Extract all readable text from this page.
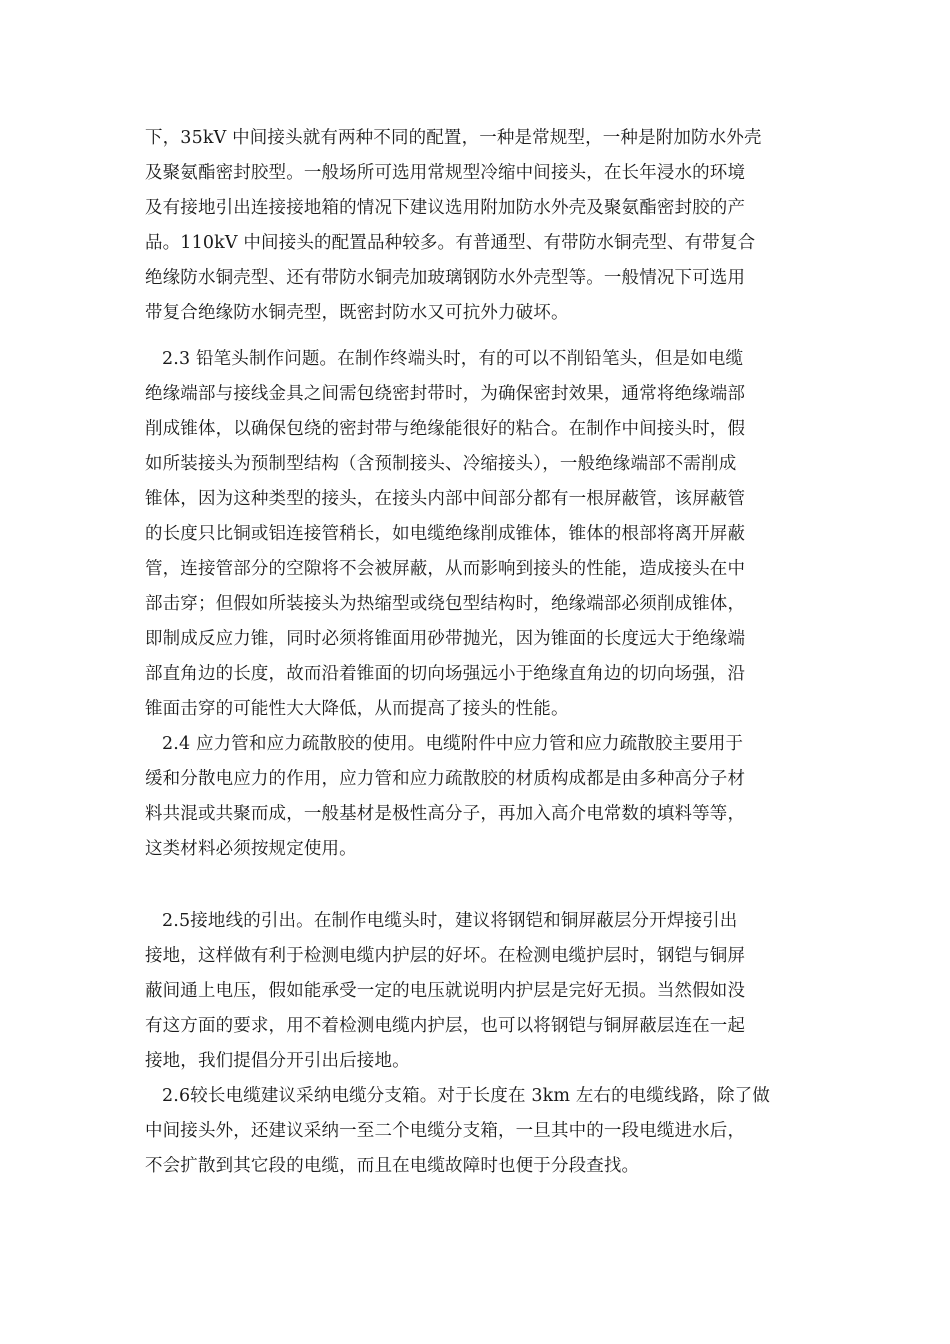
下，35kV 中间接头就有两种不同的配置，一种是常规型，一种是附加防水外壳
及聚氨酯密封胶型。一般场所可选用常规型冷缩中间接头，在长年浸水的环境
及有接地引出连接接地箱的情况下建议选用附加防水外壳及聚氨酯密封胶的产
品。110kV 中间接头的配置品种较多。有普通型、有带防水铜壳型、有带复合
绝缘防水铜壳型、还有带防水铜壳加玻璃钢防水外壳型等。一般情况下可选用
带复合绝缘防水铜壳型，既密封防水又可抗外力破坏。
2.3 铅笔头制作问题。在制作终端头时，有的可以不削铅笔头，但是如电缆
绝缘端部与接线金具之间需包绕密封带时，为确保密封效果，通常将绝缘端部
削成锥体，以确保包绕的密封带与绝缘能很好的粘合。在制作中间接头时，假
如所装接头为预制型结构（含预制接头、冷缩接头），一般绝缘端部不需削成
锥体，因为这种类型的接头，在接头内部中间部分都有一根屏蔽管，该屏蔽管
的长度只比铜或铝连接管稍长，如电缆绝缘削成锥体，锥体的根部将离开屏蔽
管，连接管部分的空隙将不会被屏蔽，从而影响到接头的性能，造成接头在中
部击穿；但假如所装接头为热缩型或绕包型结构时，绝缘端部必须削成锥体，
即制成反应力锥，同时必须将锥面用砂带抛光，因为锥面的长度远大于绝缘端
部直角边的长度，故而沿着锥面的切向场强远小于绝缘直角边的切向场强，沿
锥面击穿的可能性大大降低，从而提高了接头的性能。
2.4 应力管和应力疏散胶的使用。电缆附件中应力管和应力疏散胶主要用于
缓和分散电应力的作用，应力管和应力疏散胶的材质构成都是由多种高分子材
料共混或共聚而成，一般基材是极性高分子，再加入高介电常数的填料等等，
这类材料必须按规定使用。
2.5接地线的引出。在制作电缆头时，建议将钢铠和铜屏蔽层分开焊接引出
接地，这样做有利于检测电缆内护层的好坏。在检测电缆护层时，钢铠与铜屏
蔽间通上电压，假如能承受一定的电压就说明内护层是完好无损。当然假如没
有这方面的要求，用不着检测电缆内护层，也可以将钢铠与铜屏蔽层连在一起
接地，我们提倡分开引出后接地。
2.6较长电缆建议采纳电缆分支箱。对于长度在 3km 左右的电缆线路，除了做
中间接头外，还建议采纳一至二个电缆分支箱，一旦其中的一段电缆进水后，
不会扩散到其它段的电缆，而且在电缆故障时也便于分段查找。
